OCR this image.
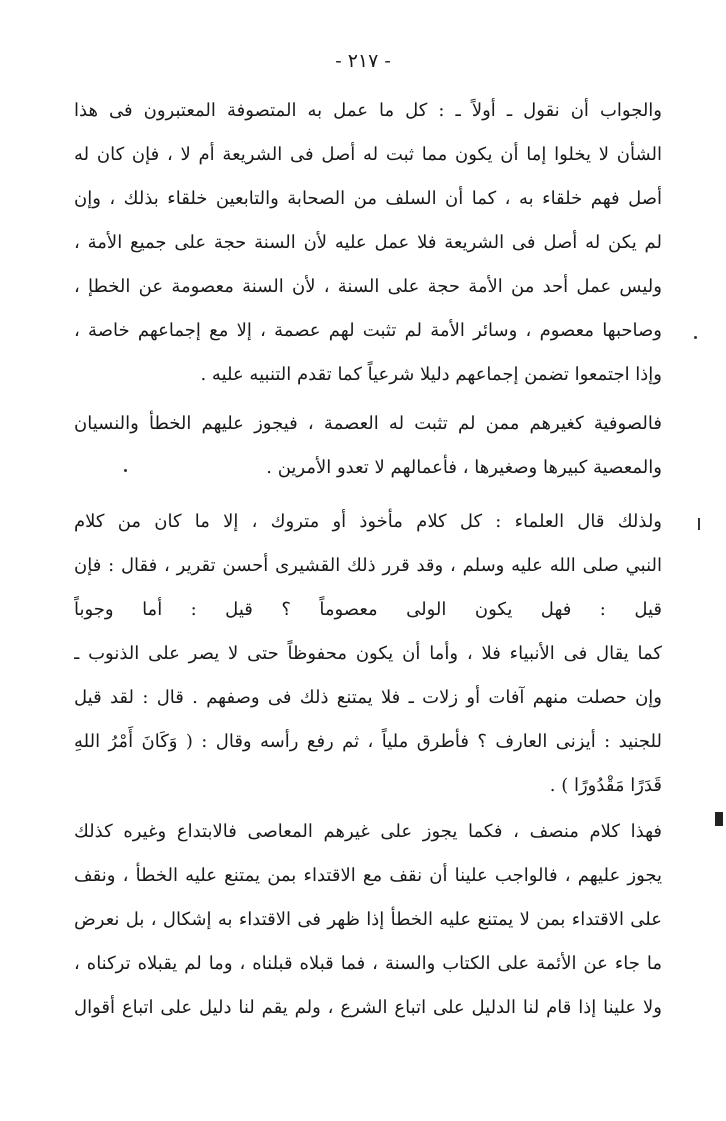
- ٢١٧ -
والجواب أن نقول ـ أولاً ـ : كل ما عمل به المتصوفة المعتبرون فى هذا
الشأن لا يخلوا إما أن يكون مما ثبت له أصل فى الشريعة أم لا ، فإن كان له
أصل فهم خلقاء به ، كما أن السلف من الصحابة والتابعين خلقاء بذلك ، وإن
لم يكن له أصل فى الشريعة فلا عمل عليه لأن السنة حجة على جميع الأمة ،
وليس عمل أحد من الأمة حجة على السنة ، لأن السنة معصومة عن الخطإ ،
وصاحبها معصوم ، وسائر الأمة لم تثبت لهم عصمة ، إلا مع إجماعهم خاصة ،
وإذا اجتمعوا تضمن إجماعهم دليلا شرعياً كما تقدم التنبيه عليه .
فالصوفية كغيرهم ممن لم تثبت له العصمة ، فيجوز عليهم الخطأ والنسيان
والمعصية كبيرها وصغيرها ، فأعمالهم لا تعدو الأمرين .
ولذلك قال العلماء : كل كلام مأخوذ أو متروك ، إلا ما كان من كلام
النبي صلى الله عليه وسلم ، وقد قرر ذلك القشيرى أحسن تقرير ، فقال : فإن
قيل : فهل يكون الولى معصوماً ؟ قيل : أما وجوباً
كما يقال فى الأنبياء فلا ، وأما أن يكون محفوظاً حتى لا يصر على الذنوب ـ
وإن حصلت منهم آفات أو زلات ـ فلا يمتنع ذلك فى وصفهم . قال : لقد قيل
للجنيد : أيزنى العارف ؟ فأطرق ملياً ، ثم رفع رأسه وقال : ( وَكَانَ أَمْرُ اللهِ
قَدَرًا مَقْدُورًا ) .
فهذا كلام منصف ، فكما يجوز على غيرهم المعاصى فالابتداع وغيره كذلك
يجوز عليهم ، فالواجب علينا أن نقف مع الاقتداء بمن يمتنع عليه الخطأ ، ونقف
على الاقتداء بمن لا يمتنع عليه الخطأ إذا ظهر فى الاقتداء به إشكال ، بل نعرض
ما جاء عن الأئمة على الكتاب والسنة ، فما قبلاه قبلناه ، وما لم يقبلاه تركناه ،
ولا علينا إذا قام لنا الدليل على اتباع الشرع ، ولم يقم لنا دليل على اتباع أقوال
